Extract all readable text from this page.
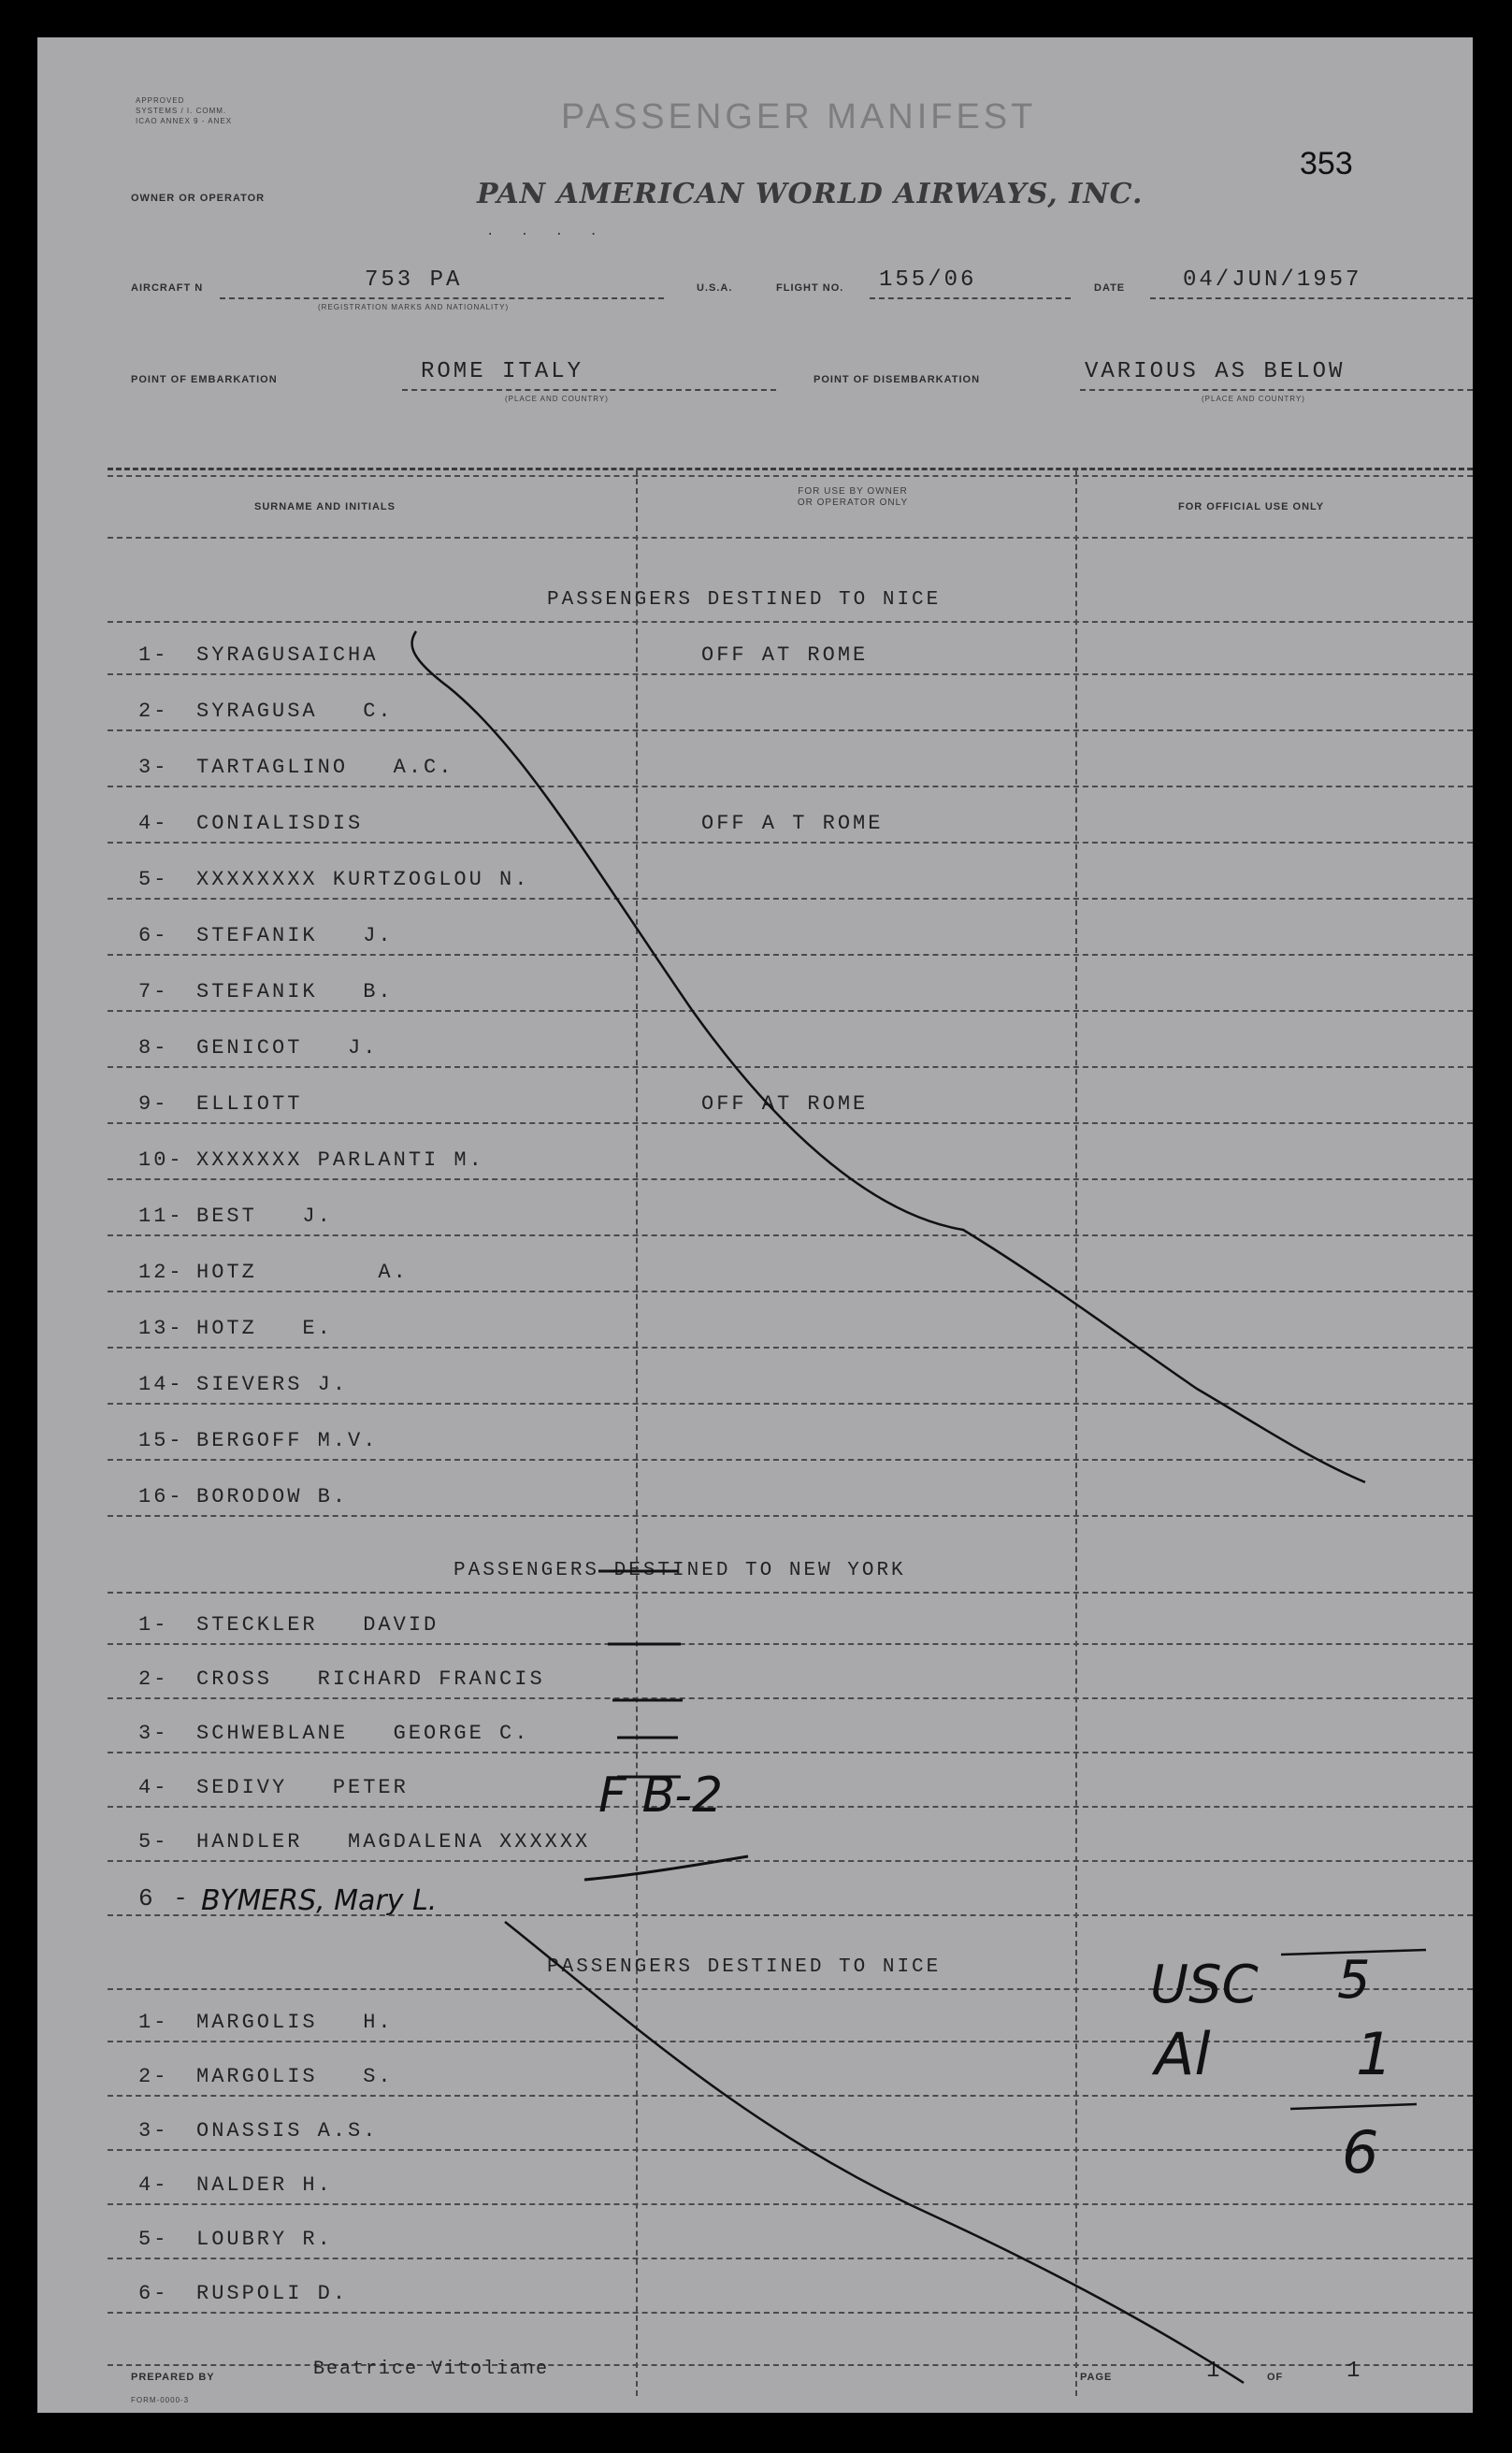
APPROVED
SYSTEMS / I. COMM.
ICAO ANNEX 9 - ANEX	PASSENGER MANIFEST
353
OWNER OR OPERATOR	PAN AMERICAN WORLD AIRWAYS, INC.
. . . .
AIRCRAFT N	753 PA
(REGISTRATION MARKS AND NATIONALITY)
U.S.A.	FLIGHT NO. 155/06	DATE	04/JUN/1957
POINT OF EMBARKATION	ROME ITALY
(PLACE AND COUNTRY)
POINT OF DISEMBARKATION	VARIOUS AS BELOW
(PLACE AND COUNTRY)
SURNAME AND INITIALS
FOR USE BY OWNER
OR OPERATOR ONLY	FOR OFFICIAL USE ONLY
PASSENGERS DESTINED TO NICE
1- SYRAGUSAICHA	OFF AT ROME
2- SYRAGUSA   C.
3- TARTAGLINO   A.C.
4- CONIALISDIS	OFF A T ROME
5- XXXXXXXX KURTZOGLOU N.
6- STEFANIK   J.
7- STEFANIK   B.
8- GENICOT   J.
9- ELLIOTT	OFF AT ROME
10- XXXXXXX PARLANTI M.
11- BEST   J.
12- HOTZ        A.
13- HOTZ   E.
14- SIEVERS J.
15- BERGOFF M.V.
16- BORODOW B.
PASSENGERS DESTINED TO NEW YORK
1- STECKLER   DAVID
2- CROSS   RICHARD FRANCIS
3- SCHWEBLANE   GEORGE C.
4- SEDIVY   PETER
5- HANDLER   MAGDALENA XXXXXX
6 - BYMERS, Mary L.
PASSENGERS DESTINED TO NICE
1- MARGOLIS   H.
2- MARGOLIS   S.
3- ONASSIS A.S.
4- NALDER H.
5- LOUBRY R.
6- RUSPOLI D.
PREPARED BY	Beatrice Vitoliane	PAGE	1	OF	1
FORM-0000-3
F B-2
USC 5
Al	1
6
